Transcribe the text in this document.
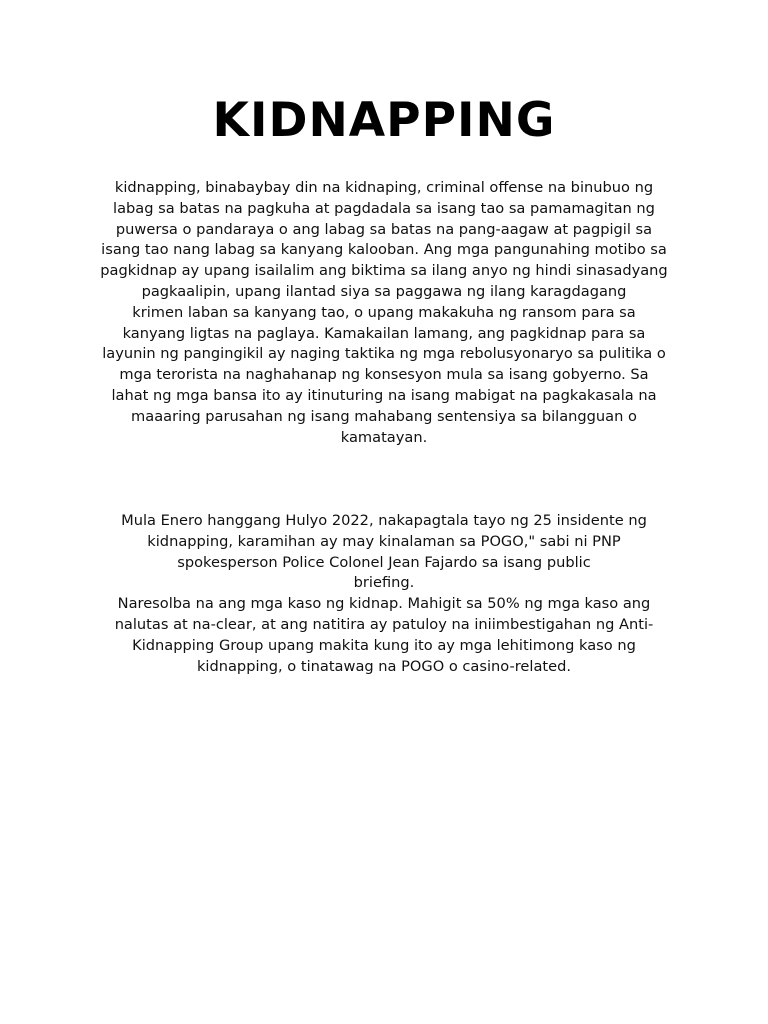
KIDNAPPING
kidnapping, binabaybay din na kidnaping, criminal offense na binubuo ng
labag sa batas na pagkuha at pagdadala sa isang tao sa pamamagitan ng
puwersa o pandaraya o ang labag sa batas na pang-aagaw at pagpigil sa
isang tao nang labag sa kanyang kalooban. Ang mga pangunahing motibo sa
pagkidnap ay upang isailalim ang biktima sa ilang anyo ng hindi sinasadyang
pagkaalipin, upang ilantad siya sa paggawa ng ilang karagdagang
krimen laban sa kanyang tao, o upang makakuha ng ransom para sa
kanyang ligtas na paglaya. Kamakailan lamang, ang pagkidnap para sa
layunin ng pangingikil ay naging taktika ng mga rebolusyonaryo sa pulitika o
mga terorista na naghahanap ng konsesyon mula sa isang gobyerno. Sa
lahat ng mga bansa ito ay itinuturing na isang mabigat na pagkakasala na
maaaring parusahan ng isang mahabang sentensiya sa bilangguan o
kamatayan.
Mula Enero hanggang Hulyo 2022, nakapagtala tayo ng 25 insidente ng
kidnapping, karamihan ay may kinalaman sa POGO," sabi ni PNP
spokesperson Police Colonel Jean Fajardo sa isang public
briefing.
Naresolba na ang mga kaso ng kidnap. Mahigit sa 50% ng mga kaso ang
nalutas at na-clear, at ang natitira ay patuloy na iniimbestigahan ng Anti-
Kidnapping Group upang makita kung ito ay mga lehitimong kaso ng
kidnapping, o tinatawag na POGO o casino-related.
